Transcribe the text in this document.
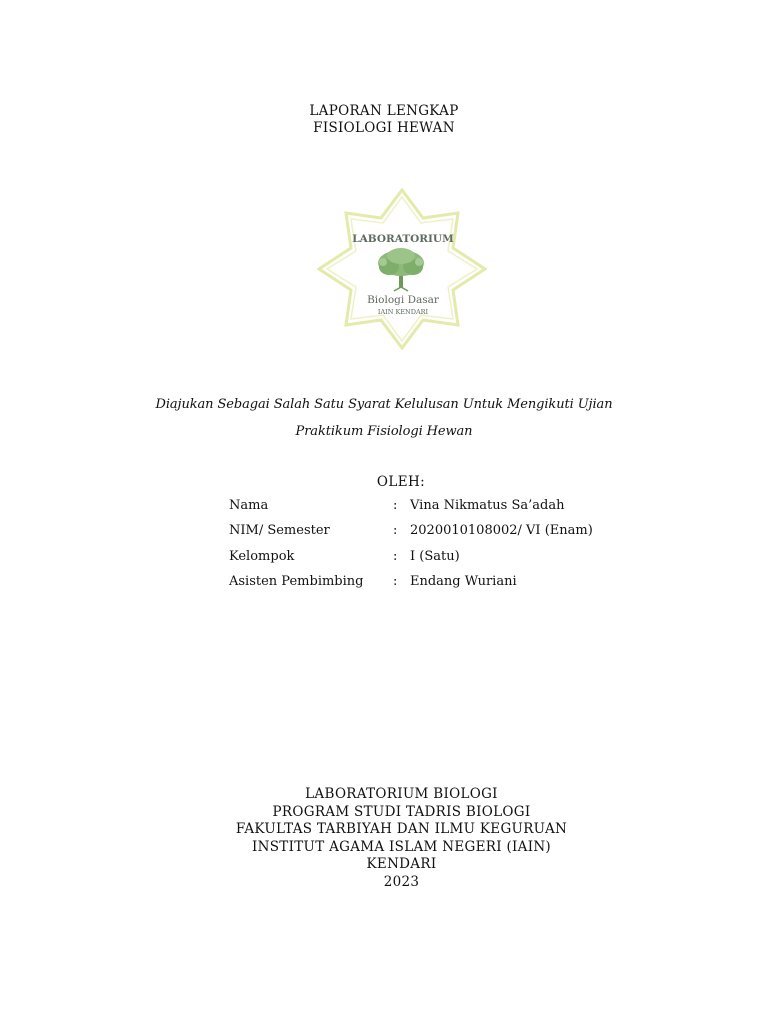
LAPORAN LENGKAP
FISIOLOGI HEWAN
LABORATORIUM
Biologi Dasar
IAIN KENDARI
Diajukan Sebagai Salah Satu Syarat Kelulusan Untuk Mengikuti Ujian
Praktikum Fisiologi Hewan
OLEH:
Nama	: Vina Nikmatus Sa’adah
NIM/ Semester	: 2020010108002/ VI (Enam)
Kelompok	: I (Satu)
Asisten Pembimbing : Endang Wuriani
LABORATORIUM BIOLOGI
PROGRAM STUDI TADRIS BIOLOGI
FAKULTAS TARBIYAH DAN ILMU KEGURUAN
INSTITUT AGAMA ISLAM NEGERI (IAIN)
KENDARI
2023
